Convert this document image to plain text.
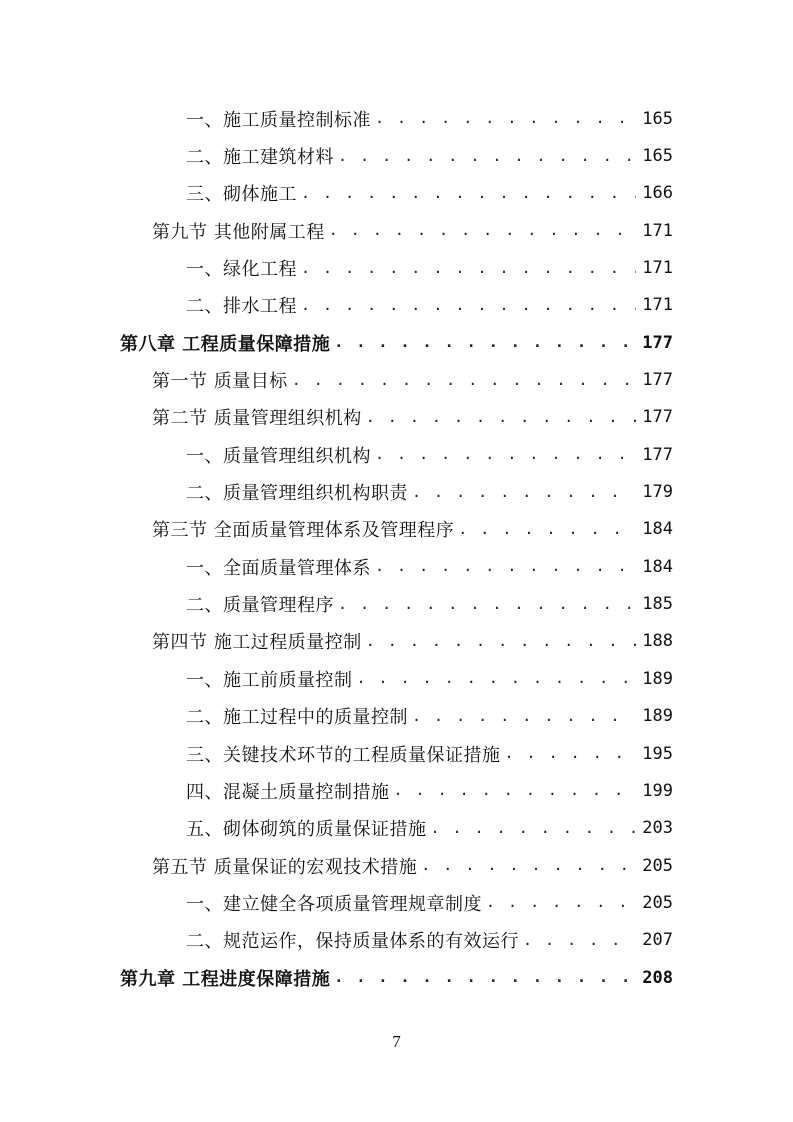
一、施工质量控制标准 . . .	165
二、施工建筑材料 . . .	165
三、砌体施工 . . .	166
第九节 其他附属工程 . . .	171
一、绿化工程 . . .	171
二、排水工程 . . .	171
第八章 工程质量保障措施 . . .	177
第一节 质量目标 . . .	177
第二节 质量管理组织机构 . . .	177
一、质量管理组织机构 . . .	177
二、质量管理组织机构职责 . . .	179
第三节 全面质量管理体系及管理程序 . . .	184
一、全面质量管理体系 . . .	184
二、质量管理程序 . . .	185
第四节 施工过程质量控制 . . .	188
一、施工前质量控制 . . .	189
二、施工过程中的质量控制 . . .	189
三、关键技术环节的工程质量保证措施 . . .	195
四、混凝土质量控制措施 . . .	199
五、砌体砌筑的质量保证措施 . . .	203
第五节 质量保证的宏观技术措施 . . .	205
一、建立健全各项质量管理规章制度 . . .	205
二、规范运作，保持质量体系的有效运行 . . .	207
第九章 工程进度保障措施 . . .	208
7
